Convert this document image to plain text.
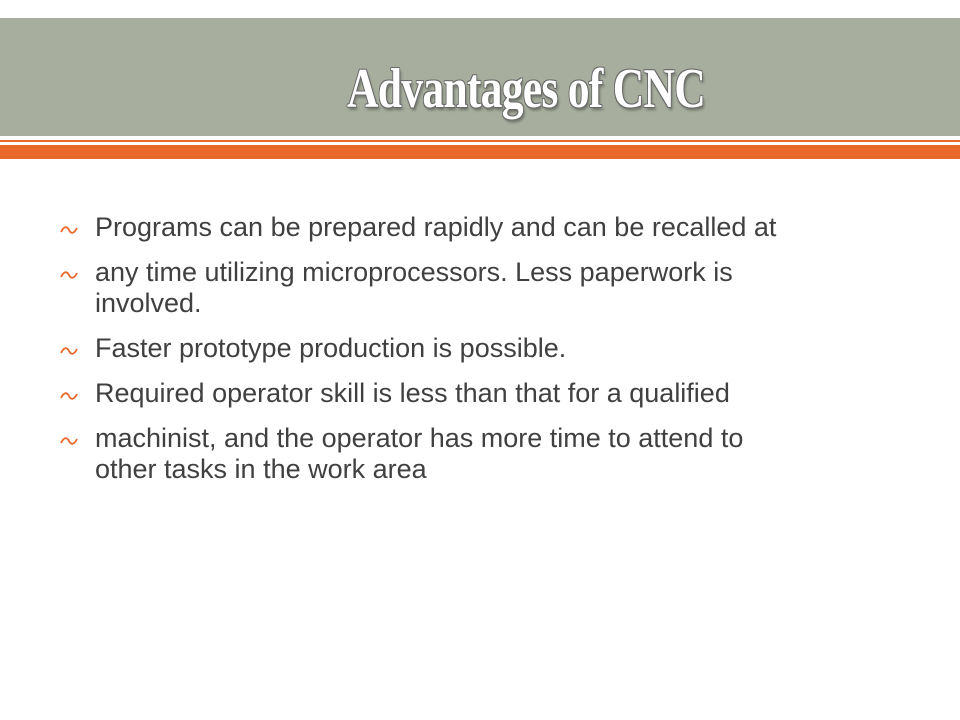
Advantages of CNC
Programs can be prepared rapidly and can be recalled at
any time utilizing microprocessors. Less paperwork is involved.
Faster prototype production is possible.
Required operator skill is less than that for a qualified
machinist, and the operator has more time to attend to other tasks in the work area
